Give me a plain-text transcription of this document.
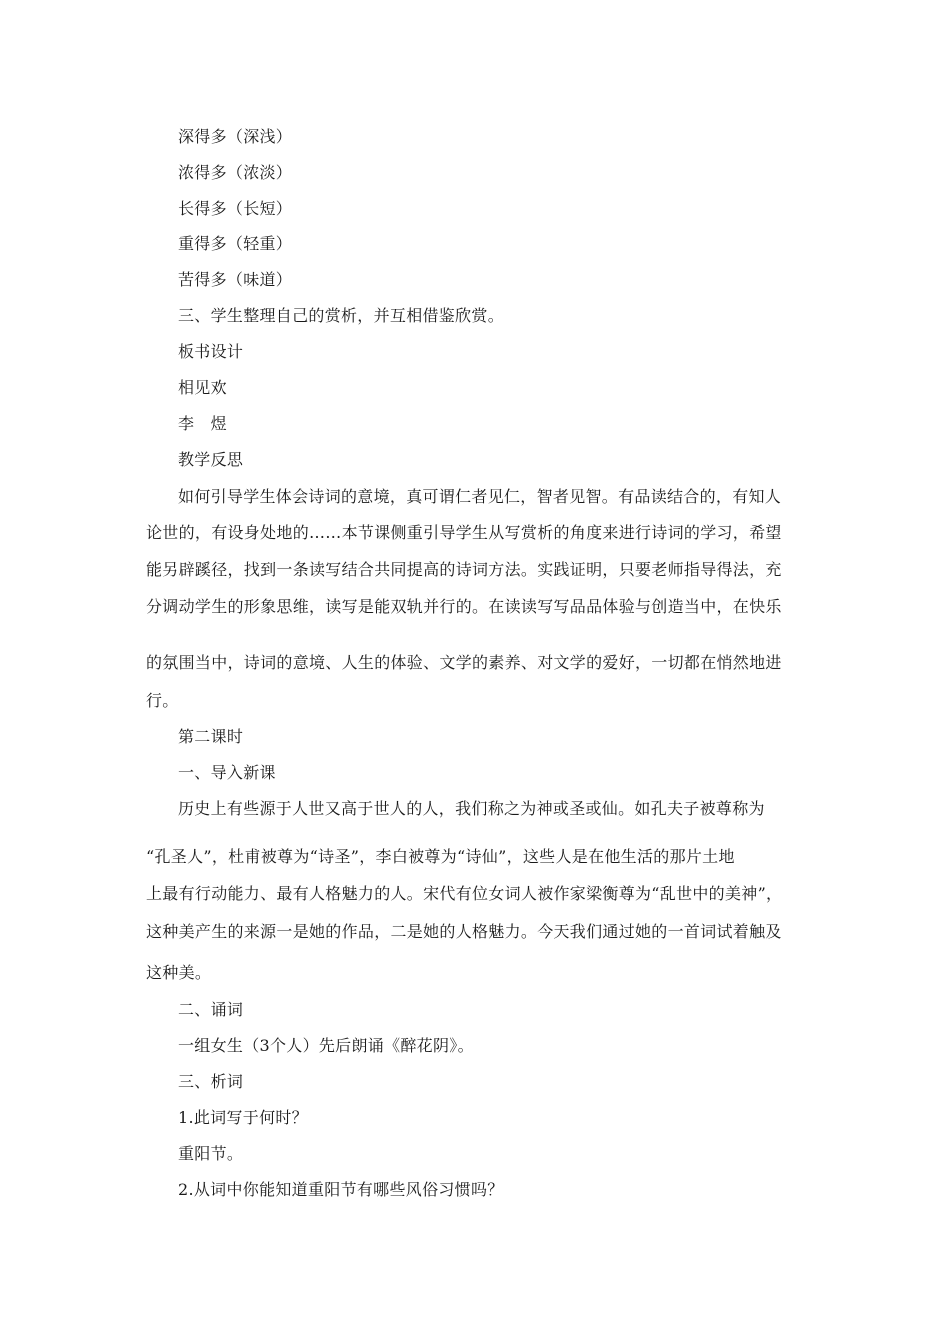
深得多（深浅）
浓得多（浓淡）
长得多（长短）
重得多（轻重）
苦得多（味道）
三、学生整理自己的赏析，并互相借鉴欣赏。
板书设计
相见欢
李　煜
教学反思
如何引导学生体会诗词的意境，真可谓仁者见仁，智者见智。有品读结合的，有知人
论世的，有设身处地的……本节课侧重引导学生从写赏析的角度来进行诗词的学习，希望
能另辟蹊径，找到一条读写结合共同提高的诗词方法。实践证明，只要老师指导得法，充
分调动学生的形象思维，读写是能双轨并行的。在读读写写品品体验与创造当中，在快乐
的氛围当中，诗词的意境、人生的体验、文学的素养、对文学的爱好，一切都在悄然地进
行。
第二课时
一、导入新课
历史上有些源于人世又高于世人的人，我们称之为神或圣或仙。如孔夫子被尊称为
“孔圣人”，杜甫被尊为“诗圣”，李白被尊为“诗仙”，这些人是在他生活的那片土地
上最有行动能力、最有人格魅力的人。宋代有位女词人被作家梁衡尊为“乱世中的美神”，
这种美产生的来源一是她的作品，二是她的人格魅力。今天我们通过她的一首词试着触及
这种美。
二、诵词
一组女生（3个人）先后朗诵《醉花阴》。
三、析词
1.此词写于何时？
重阳节。
2.从词中你能知道重阳节有哪些风俗习惯吗？
